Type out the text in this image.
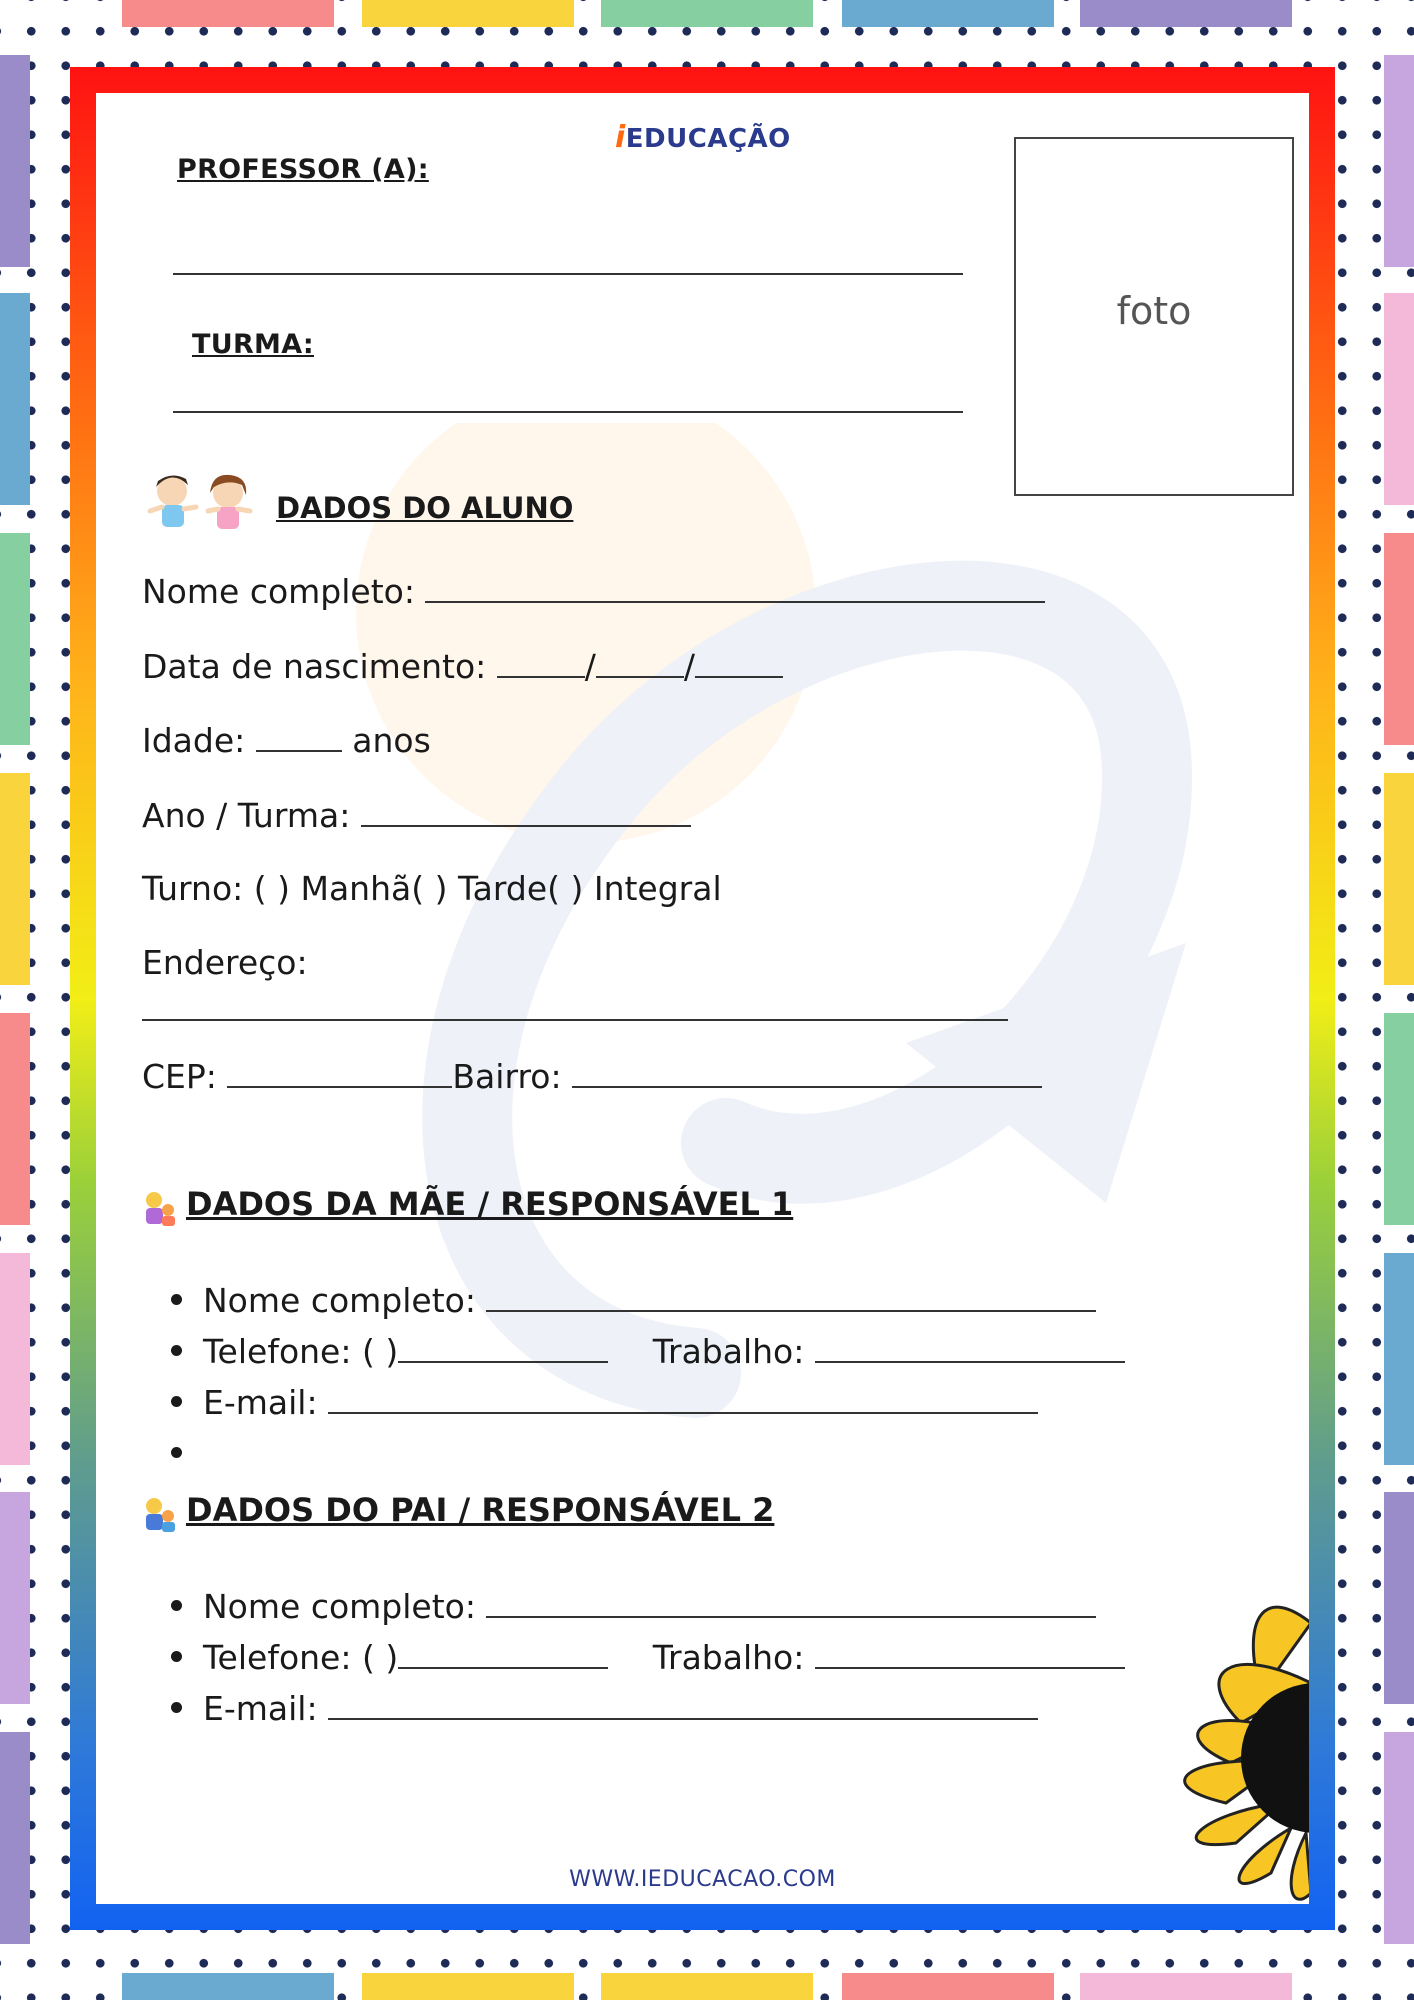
iEDUCAÇÃO
PROFESSOR (A):
TURMA:
foto
DADOS DO ALUNO
Nome completo:
Data de nascimento:	/	/
Idade:	anos
Ano / Turma:
Turno: ( ) Manhã( ) Tarde( ) Integral
Endereço:
CEP:	Bairro:
DADOS DA MÃE / RESPONSÁVEL 1
Nome completo:
Telefone: ( )	Trabalho:
E-mail:
DADOS DO PAI / RESPONSÁVEL 2
Nome completo:
Telefone: ( )	Trabalho:
E-mail:
WWW.IEDUCACAO.COM
